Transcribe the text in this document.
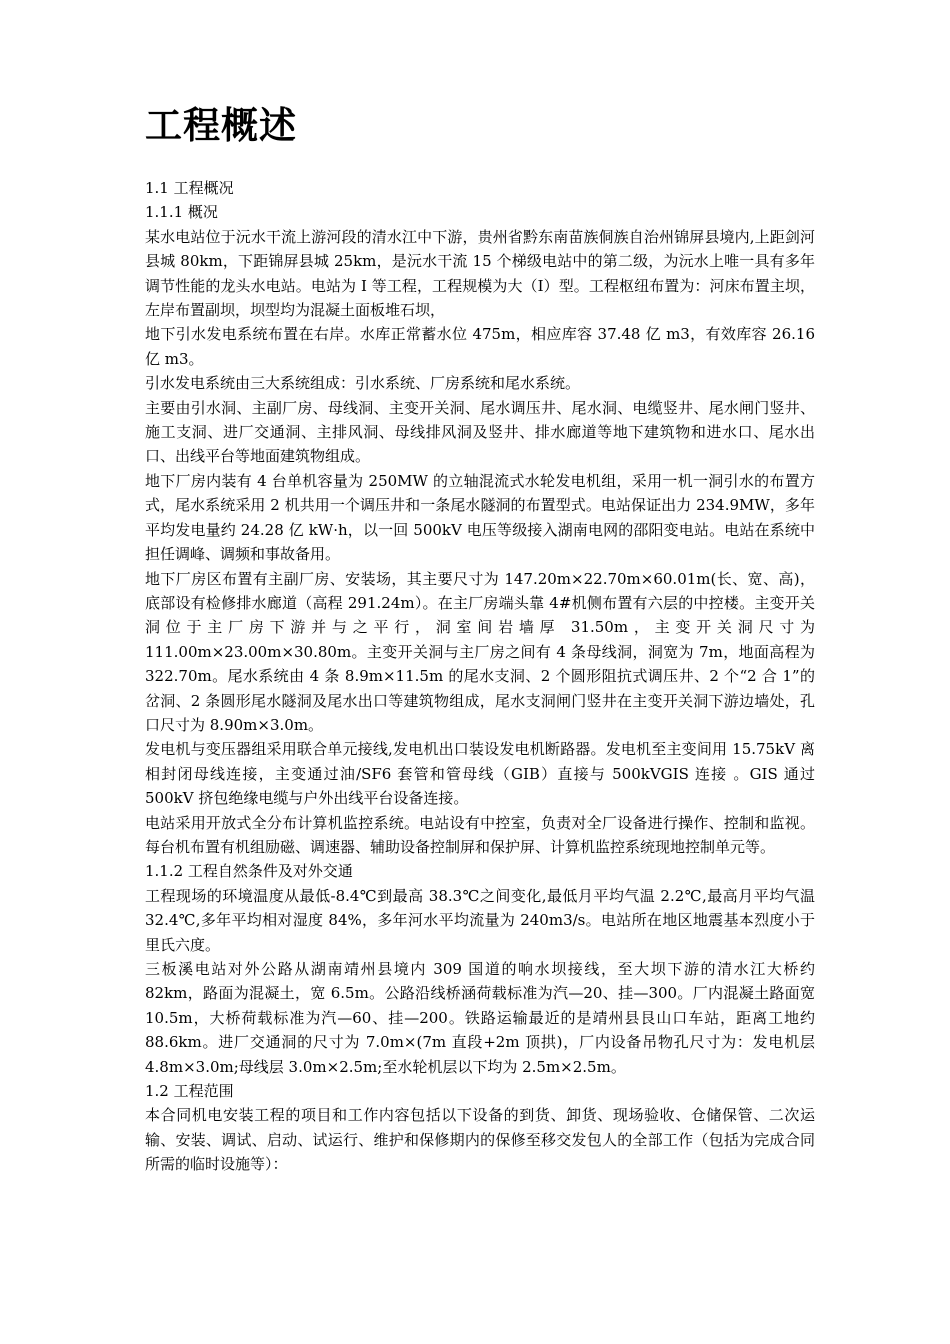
工程概述
1.1 工程概况
1.1.1 概况

某水电站位于沅水干流上游河段的清水江中下游，贵州省黔东南苗族侗族自治州锦屏县境内,上距剑河县城 80km，下距锦屏县城 25km，是沅水干流 15 个梯级电站中的第二级，为沅水上唯一具有多年调节性能的龙头水电站。电站为 I 等工程，工程规模为大（I）型。工程枢纽布置为：河床布置主坝，左岸布置副坝，坝型均为混凝土面板堆石坝，

地下引水发电系统布置在右岸。水库正常蓄水位 475m，相应库容 37.48 亿 m3，有效库容 26.16 亿 m3。

引水发电系统由三大系统组成：引水系统、厂房系统和尾水系统。

主要由引水洞、主副厂房、母线洞、主变开关洞、尾水调压井、尾水洞、电缆竖井、尾水闸门竖井、施工支洞、进厂交通洞、主排风洞、母线排风洞及竖井、排水廊道等地下建筑物和进水口、尾水出口、出线平台等地面建筑物组成。

地下厂房内装有 4 台单机容量为 250MW 的立轴混流式水轮发电机组，采用一机一洞引水的布置方式，尾水系统采用 2 机共用一个调压井和一条尾水隧洞的布置型式。电站保证出力 234.9MW，多年平均发电量约 24.28 亿 kW·h，以一回 500kV 电压等级接入湖南电网的邵阳变电站。电站在系统中担任调峰、调频和事故备用。

地下厂房区布置有主副厂房、安装场，其主要尺寸为 147.20m×22.70m×60.01m(长、宽、高)，底部设有检修排水廊道（高程 291.24m）。在主厂房端头靠 4#机侧布置有六层的中控楼。主变开关洞位于主厂房下游并与之平行，洞室间岩墙厚 31.50m，主变开关洞尺寸为 111.00m×23.00m×30.80m。主变开关洞与主厂房之间有 4 条母线洞，洞宽为 7m，地面高程为 322.70m。尾水系统由 4 条 8.9m×11.5m 的尾水支洞、2 个圆形阻抗式调压井、2 个“2 合 1”的岔洞、2 条圆形尾水隧洞及尾水出口等建筑物组成，尾水支洞闸门竖井在主变开关洞下游边墙处，孔口尺寸为 8.90m×3.0m。

发电机与变压器组采用联合单元接线,发电机出口装设发电机断路器。发电机至主变间用 15.75kV 离相封闭母线连接，主变通过油/SF6 套管和管母线（GIB）直接与 500kVGIS 连接 。GIS 通过 500kV 挤包绝缘电缆与户外出线平台设备连接。

电站采用开放式全分布计算机监控系统。电站设有中控室，负责对全厂设备进行操作、控制和监视。每台机布置有机组励磁、调速器、辅助设备控制屏和保护屏、计算机监控系统现地控制单元等。

1.1.2 工程自然条件及对外交通

工程现场的环境温度从最低-8.4℃到最高 38.3℃之间变化,最低月平均气温 2.2℃,最高月平均气温 32.4℃,多年平均相对湿度 84%，多年河水平均流量为 240m3/s。电站所在地区地震基本烈度小于里氏六度。

三板溪电站对外公路从湖南靖州县境内 309 国道的响水坝接线，至大坝下游的清水江大桥约 82km，路面为混凝土，宽 6.5m。公路沿线桥涵荷载标准为汽—20、挂—300。厂内混凝土路面宽 10.5m，大桥荷载标准为汽—60、挂—200。铁路运输最近的是靖州县艮山口车站，距离工地约 88.6km。进厂交通洞的尺寸为 7.0m×(7m 直段+2m 顶拱)，厂内设备吊物孔尺寸为：发电机层 4.8m×3.0m;母线层 3.0m×2.5m;至水轮机层以下均为 2.5m×2.5m。

1.2 工程范围

本合同机电安装工程的项目和工作内容包括以下设备的到货、卸货、现场验收、仓储保管、二次运输、安装、调试、启动、试运行、维护和保修期内的保修至移交发包人的全部工作（包括为完成合同所需的临时设施等）：
